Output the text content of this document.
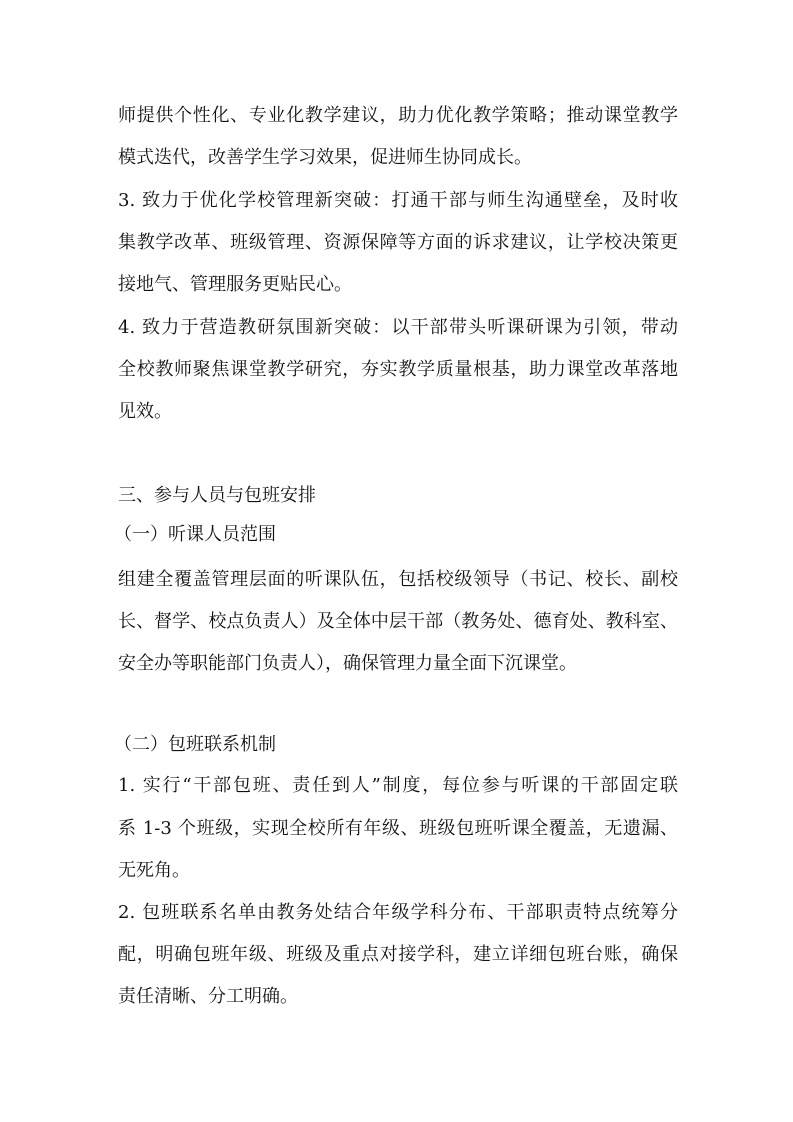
师提供个性化、专业化教学建议，助力优化教学策略；推动课堂教学
模式迭代，改善学生学习效果，促进师生协同成长。
3. 致力于优化学校管理新突破：打通干部与师生沟通壁垒，及时收
集教学改革、班级管理、资源保障等方面的诉求建议，让学校决策更
接地气、管理服务更贴民心。
4. 致力于营造教研氛围新突破：以干部带头听课研课为引领，带动
全校教师聚焦课堂教学研究，夯实教学质量根基，助力课堂改革落地
见效。
三、参与人员与包班安排
（一）听课人员范围
组建全覆盖管理层面的听课队伍，包括校级领导（书记、校长、副校
长、督学、校点负责人）及全体中层干部（教务处、德育处、教科室、
安全办等职能部门负责人），确保管理力量全面下沉课堂。
（二）包班联系机制
1. 实行“干部包班、责任到人”制度，每位参与听课的干部固定联
系 1-3 个班级，实现全校所有年级、班级包班听课全覆盖，无遗漏、
无死角。
2. 包班联系名单由教务处结合年级学科分布、干部职责特点统筹分
配，明确包班年级、班级及重点对接学科，建立详细包班台账，确保
责任清晰、分工明确。
